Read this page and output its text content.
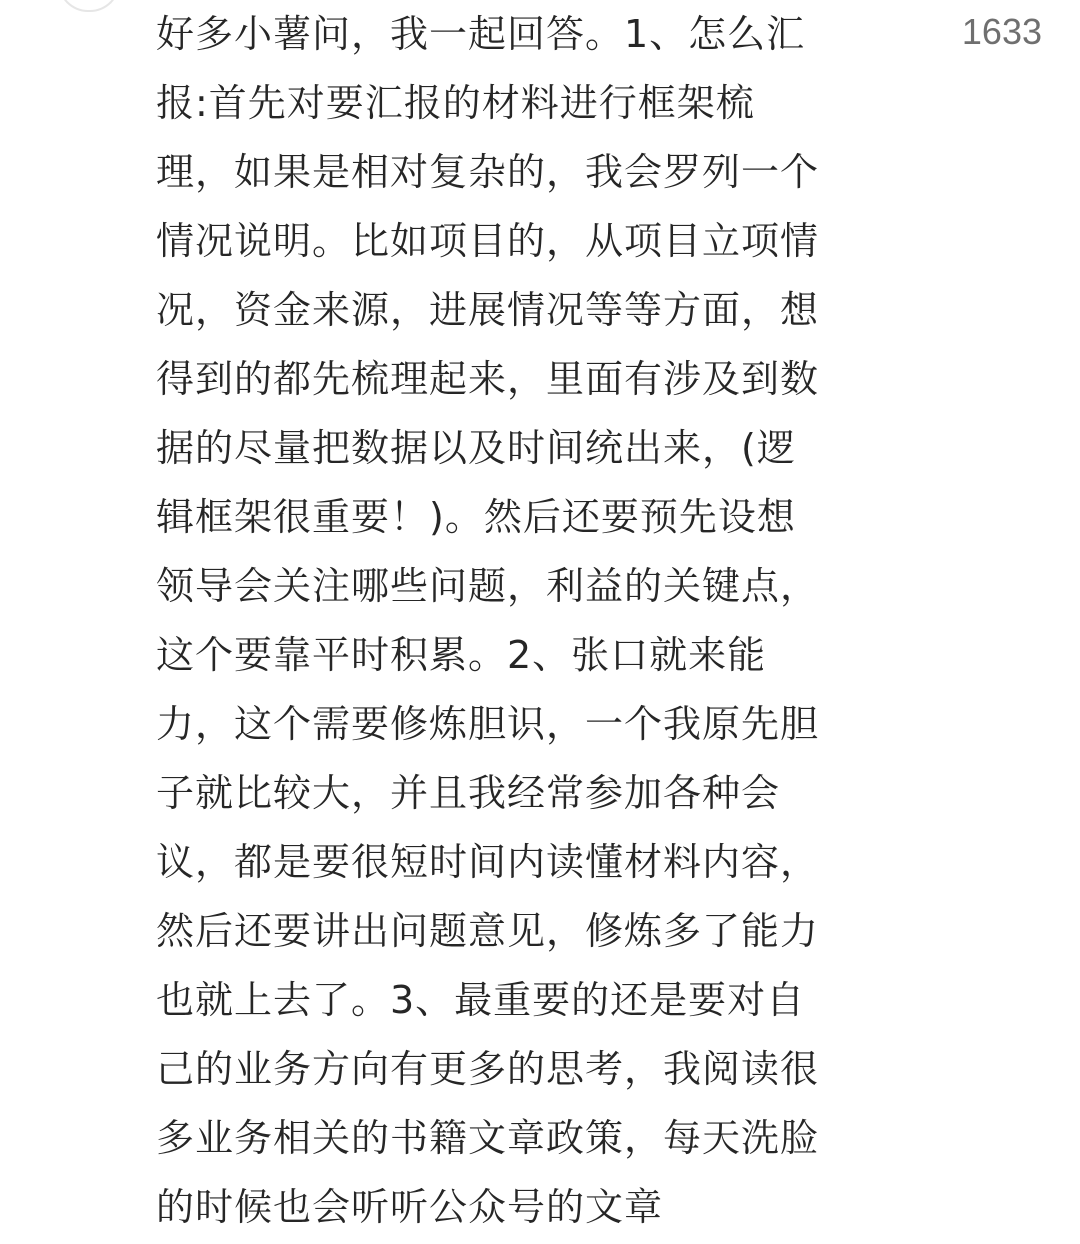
好多小薯问，我一起回答。1、怎么汇
报:首先对要汇报的材料进行框架梳
理，如果是相对复杂的，我会罗列一个
情况说明。比如项目的，从项目立项情
况，资金来源，进展情况等等方面，想
得到的都先梳理起来，里面有涉及到数
据的尽量把数据以及时间统出来，(逻
辑框架很重要！)。然后还要预先设想
领导会关注哪些问题，利益的关键点，
这个要靠平时积累。2、张口就来能
力，这个需要修炼胆识，一个我原先胆
子就比较大，并且我经常参加各种会
议，都是要很短时间内读懂材料内容，
然后还要讲出问题意见，修炼多了能力
也就上去了。3、最重要的还是要对自
己的业务方向有更多的思考，我阅读很
多业务相关的书籍文章政策，每天洗脸
的时候也会听听公众号的文章
1633
